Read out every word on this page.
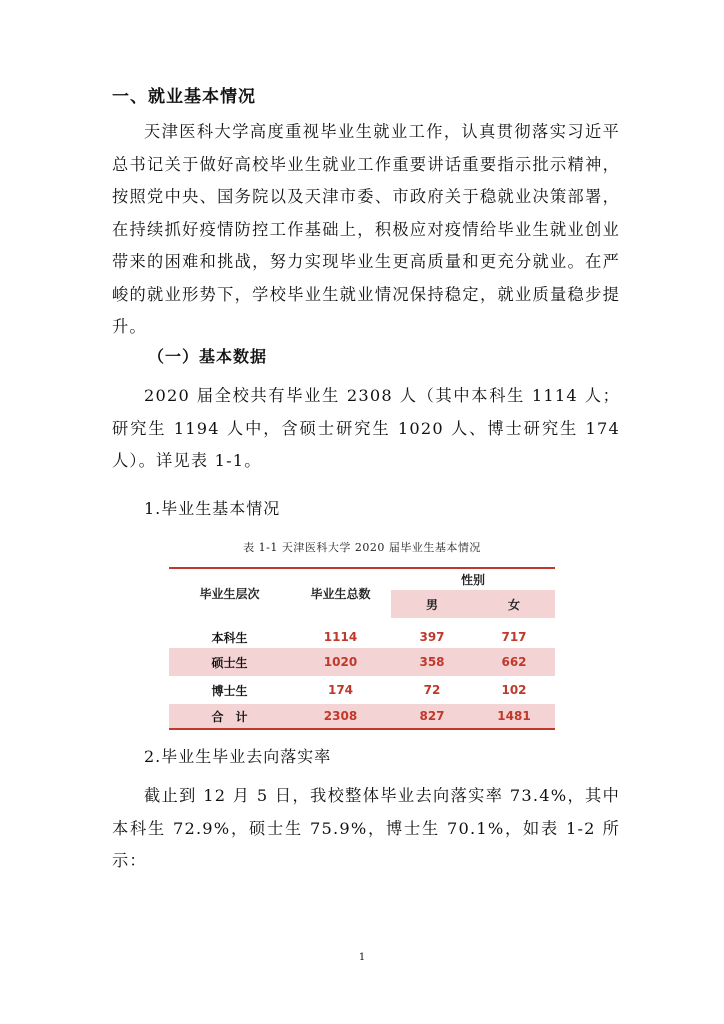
一、就业基本情况
天津医科大学高度重视毕业生就业工作，认真贯彻落实习近平总书记关于做好高校毕业生就业工作重要讲话重要指示批示精神，按照党中央、国务院以及天津市委、市政府关于稳就业决策部署，在持续抓好疫情防控工作基础上，积极应对疫情给毕业生就业创业带来的困难和挑战，努力实现毕业生更高质量和更充分就业。在严峻的就业形势下，学校毕业生就业情况保持稳定，就业质量稳步提升。
（一）基本数据
2020 届全校共有毕业生 2308 人（其中本科生 1114 人；研究生 1194 人中，含硕士研究生 1020 人、博士研究生 174 人）。详见表 1-1。
1.毕业生基本情况
表 1-1 天津医科大学 2020 届毕业生基本情况
毕业生层次	毕业生总数	性别	
		男	女

本科生	1114	397	717
硕士生	1020	358	662
博士生	174	72	102
合　计	2308	827	1481
2.毕业生毕业去向落实率
截止到 12 月 5 日，我校整体毕业去向落实率 73.4%，其中本科生 72.9%，硕士生 75.9%，博士生 70.1%，如表 1-2 所示：
1
